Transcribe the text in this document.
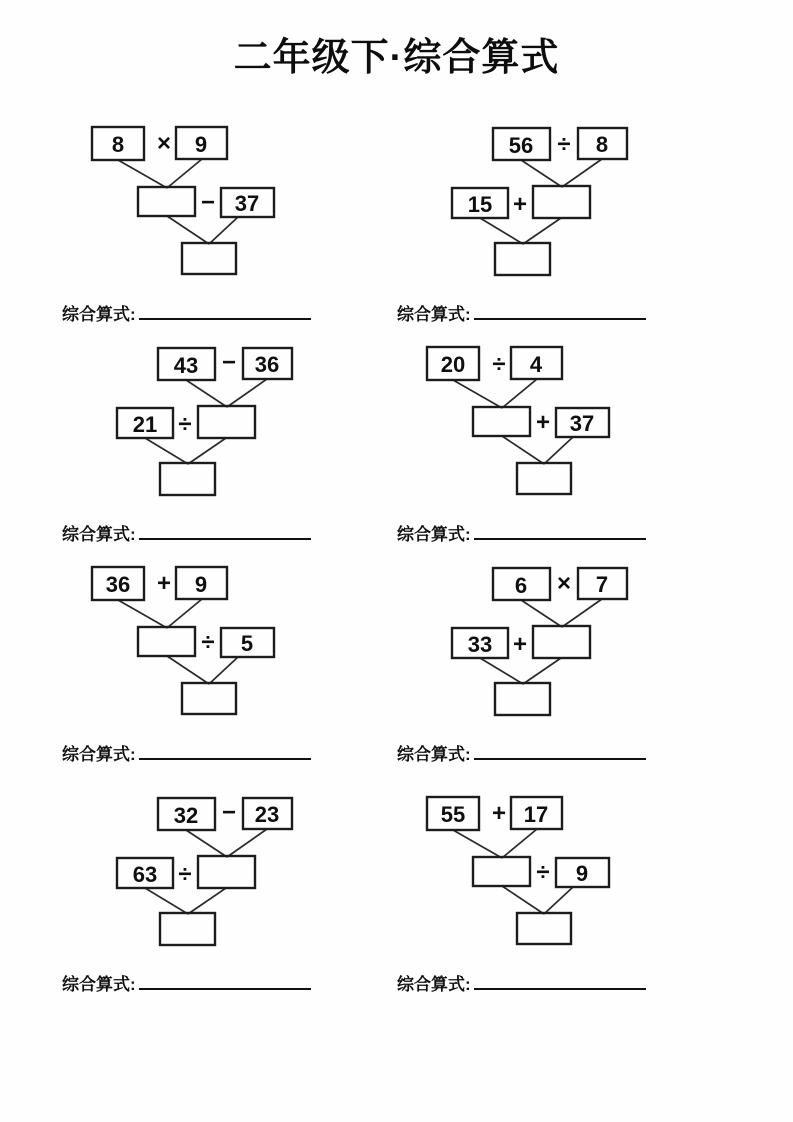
二年级下·综合算式
8 × 9
− 37
综合算式:
56 ÷ 8
15 +
综合算式:
43 − 36
21 ÷
综合算式:
20 ÷ 4
+ 37
综合算式:
36 + 9
÷ 5
综合算式:
6 × 7
33 +
综合算式:
32 − 23
63 ÷
综合算式:
55 + 17
÷ 9
综合算式:
